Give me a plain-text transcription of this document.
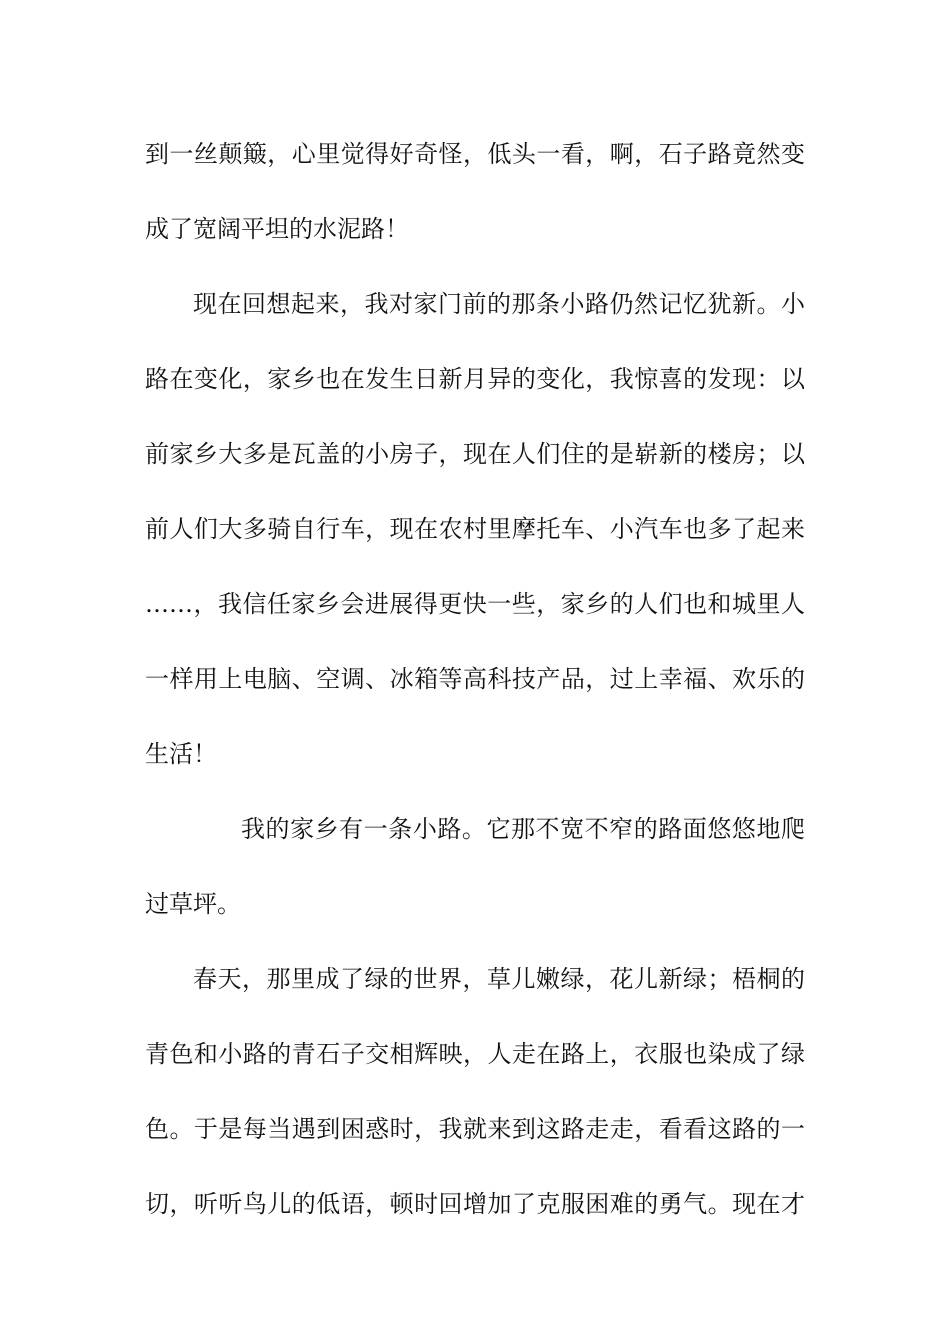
到一丝颠簸，心里觉得好奇怪，低头一看，啊，石子路竟然变
成了宽阔平坦的水泥路！
现在回想起来，我对家门前的那条小路仍然记忆犹新。小
路在变化，家乡也在发生日新月异的变化，我惊喜的发现：以
前家乡大多是瓦盖的小房子，现在人们住的是崭新的楼房；以
前人们大多骑自行车，现在农村里摩托车、小汽车也多了起来
……，我信任家乡会进展得更快一些，家乡的人们也和城里人
一样用上电脑、空调、冰箱等高科技产品，过上幸福、欢乐的
生活！
我的家乡有一条小路。它那不宽不窄的路面悠悠地爬
过草坪。
春天，那里成了绿的世界，草儿嫩绿，花儿新绿；梧桐的
青色和小路的青石子交相辉映，人走在路上，衣服也染成了绿
色。于是每当遇到困惑时，我就来到这路走走，看看这路的一
切，听听鸟儿的低语，顿时回增加了克服困难的勇气。现在才
